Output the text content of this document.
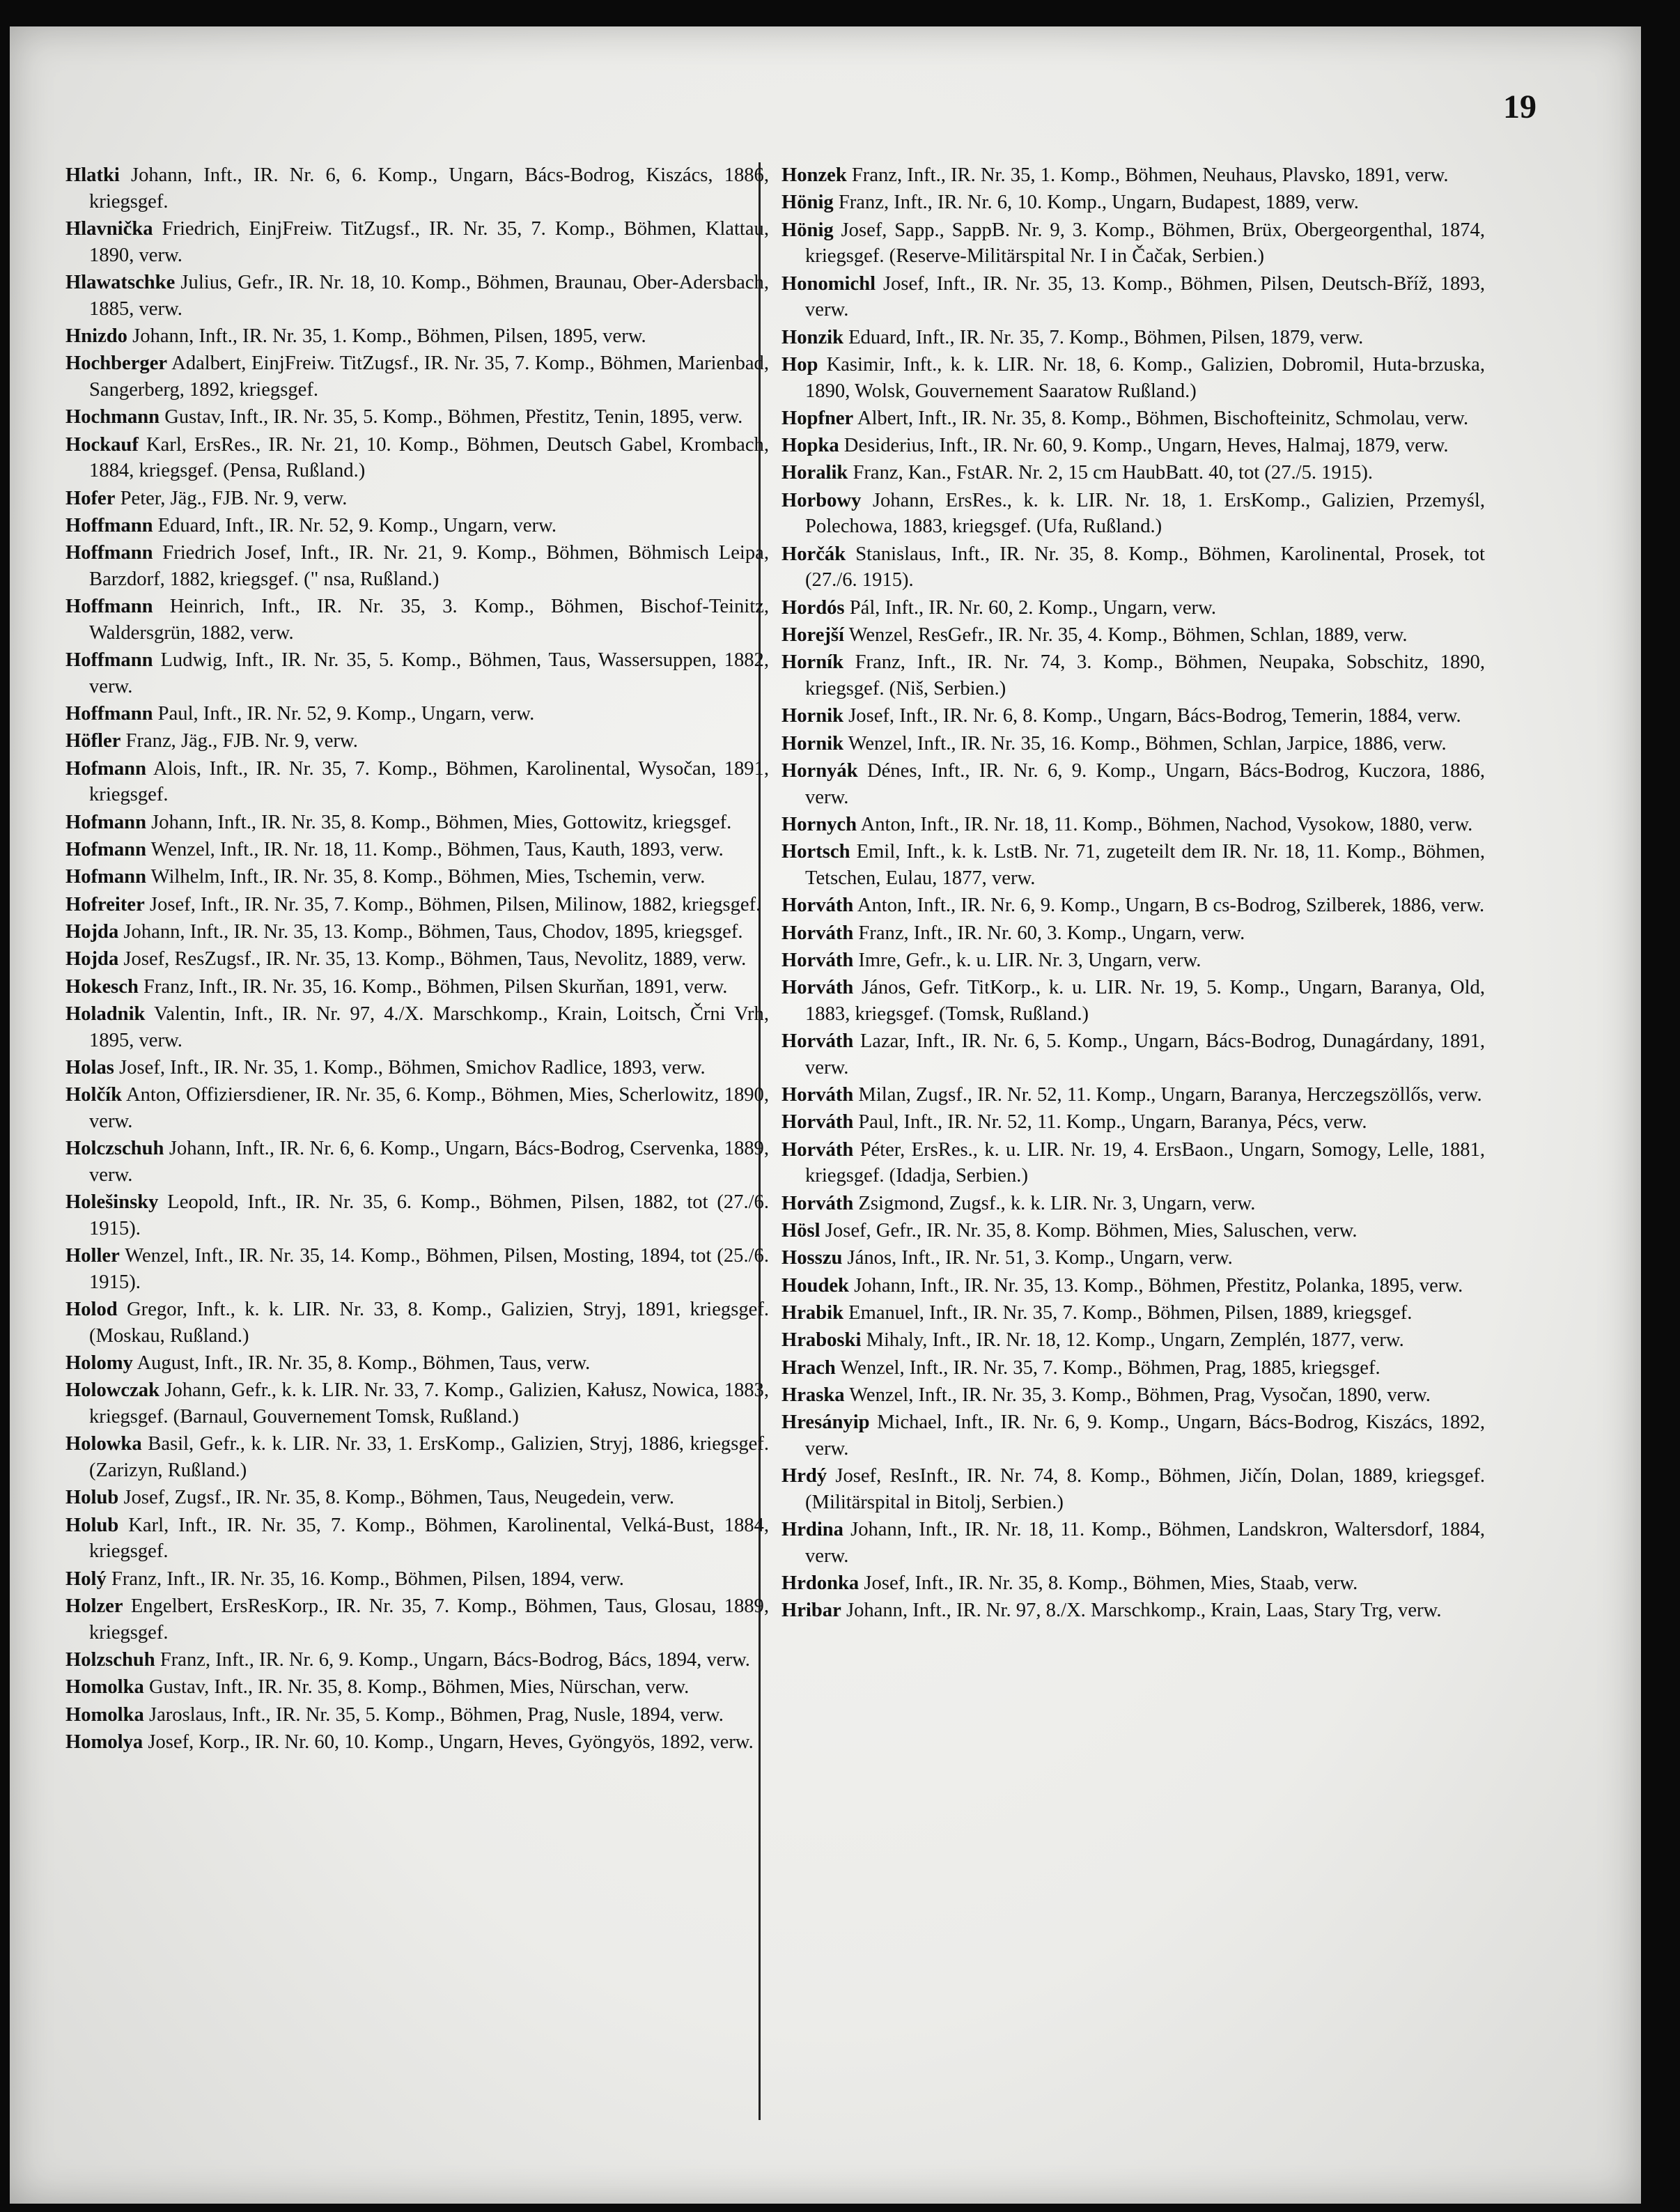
19

Hlatki Johann, Inft., IR. Nr. 6, 6. Komp., Ungarn, Bács-Bodrog, Kiszács, 1886, kriegsgef.

Hlavnička Friedrich, EinjFreiw. TitZugsf., IR. Nr. 35, 7. Komp., Böhmen, Klattau, 1890, verw.

Hlawatschke Julius, Gefr., IR. Nr. 18, 10. Komp., Böhmen, Braunau, Ober-Adersbach, 1885, verw.

Hnizdo Johann, Inft., IR. Nr. 35, 1. Komp., Böhmen, Pilsen, 1895, verw.

Hochberger Adalbert, EinjFreiw. TitZugsf., IR. Nr. 35, 7. Komp., Böhmen, Marienbad, Sangerberg, 1892, kriegsgef.

Hochmann Gustav, Inft., IR. Nr. 35, 5. Komp., Böhmen, Přestitz, Tenin, 1895, verw.

Hockauf Karl, ErsRes., IR. Nr. 21, 10. Komp., Böhmen, Deutsch Gabel, Krombach, 1884, kriegsgef. (Pensa, Rußland.)

Hofer Peter, Jäg., FJB. Nr. 9, verw.

Hoffmann Eduard, Inft., IR. Nr. 52, 9. Komp., Ungarn, verw.

Hoffmann Friedrich Josef, Inft., IR. Nr. 21, 9. Komp., Böhmen, Böhmisch Leipa, Barzdorf, 1882, kriegsgef. (" nsa, Rußland.)

Hoffmann Heinrich, Inft., IR. Nr. 35, 3. Komp., Böhmen, Bischof-Teinitz, Waldersgrün, 1882, verw.

Hoffmann Ludwig, Inft., IR. Nr. 35, 5. Komp., Böhmen, Taus, Wassersuppen, 1882, verw.

Hoffmann Paul, Inft., IR. Nr. 52, 9. Komp., Ungarn, verw.

Höfler Franz, Jäg., FJB. Nr. 9, verw.

Hofmann Alois, Inft., IR. Nr. 35, 7. Komp., Böhmen, Karolinental, Wysočan, 1891, kriegsgef.

Hofmann Johann, Inft., IR. Nr. 35, 8. Komp., Böhmen, Mies, Gottowitz, kriegsgef.

Hofmann Wenzel, Inft., IR. Nr. 18, 11. Komp., Böhmen, Taus, Kauth, 1893, verw.

Hofmann Wilhelm, Inft., IR. Nr. 35, 8. Komp., Böhmen, Mies, Tschemin, verw.

Hofreiter Josef, Inft., IR. Nr. 35, 7. Komp., Böhmen, Pilsen, Milinow, 1882, kriegsgef.

Hojda Johann, Inft., IR. Nr. 35, 13. Komp., Böhmen, Taus, Chodov, 1895, kriegsgef.

Hojda Josef, ResZugsf., IR. Nr. 35, 13. Komp., Böhmen, Taus, Nevolitz, 1889, verw.

Hokesch Franz, Inft., IR. Nr. 35, 16. Komp., Böhmen, Pilsen Skurňan, 1891, verw.

Holadnik Valentin, Inft., IR. Nr. 97, 4./X. Marschkomp., Krain, Loitsch, Črni Vrh, 1895, verw.

Holas Josef, Inft., IR. Nr. 35, 1. Komp., Böhmen, Smichov Radlice, 1893, verw.

Holčík Anton, Offiziersdiener, IR. Nr. 35, 6. Komp., Böhmen, Mies, Scherlowitz, 1890, verw.

Holczschuh Johann, Inft., IR. Nr. 6, 6. Komp., Ungarn, Bács-Bodrog, Cservenka, 1889, verw.

Holešinsky Leopold, Inft., IR. Nr. 35, 6. Komp., Böhmen, Pilsen, 1882, tot (27./6. 1915).

Holler Wenzel, Inft., IR. Nr. 35, 14. Komp., Böhmen, Pilsen, Mosting, 1894, tot (25./6. 1915).

Holod Gregor, Inft., k. k. LIR. Nr. 33, 8. Komp., Galizien, Stryj, 1891, kriegsgef. (Moskau, Rußland.)

Holomy August, Inft., IR. Nr. 35, 8. Komp., Böhmen, Taus, verw.

Holowczak Johann, Gefr., k. k. LIR. Nr. 33, 7. Komp., Galizien, Kałusz, Nowica, 1883, kriegsgef. (Barnaul, Gouvernement Tomsk, Rußland.)

Holowka Basil, Gefr., k. k. LIR. Nr. 33, 1. ErsKomp., Galizien, Stryj, 1886, kriegsgef. (Zarizyn, Rußland.)

Holub Josef, Zugsf., IR. Nr. 35, 8. Komp., Böhmen, Taus, Neugedein, verw.

Holub Karl, Inft., IR. Nr. 35, 7. Komp., Böhmen, Karolinental, Velká-Bust, 1884, kriegsgef.

Holý Franz, Inft., IR. Nr. 35, 16. Komp., Böhmen, Pilsen, 1894, verw.

Holzer Engelbert, ErsResKorp., IR. Nr. 35, 7. Komp., Böhmen, Taus, Glosau, 1889, kriegsgef.

Holzschuh Franz, Inft., IR. Nr. 6, 9. Komp., Ungarn, Bács-Bodrog, Bács, 1894, verw.

Homolka Gustav, Inft., IR. Nr. 35, 8. Komp., Böhmen, Mies, Nürschan, verw.

Homolka Jaroslaus, Inft., IR. Nr. 35, 5. Komp., Böhmen, Prag, Nusle, 1894, verw.

Homolya Josef, Korp., IR. Nr. 60, 10. Komp., Ungarn, Heves, Gyöngyös, 1892, verw.

Honzek Franz, Inft., IR. Nr. 35, 1. Komp., Böhmen, Neuhaus, Plavsko, 1891, verw.

Hönig Franz, Inft., IR. Nr. 6, 10. Komp., Ungarn, Budapest, 1889, verw.

Hönig Josef, Sapp., SappB. Nr. 9, 3. Komp., Böhmen, Brüx, Obergeorgenthal, 1874, kriegsgef. (Reserve-Militärspital Nr. I in Čačak, Serbien.)

Honomichl Josef, Inft., IR. Nr. 35, 13. Komp., Böhmen, Pilsen, Deutsch-Bříž, 1893, verw.

Honzik Eduard, Inft., IR. Nr. 35, 7. Komp., Böhmen, Pilsen, 1879, verw.

Hop Kasimir, Inft., k. k. LIR. Nr. 18, 6. Komp., Galizien, Dobromil, Huta-brzuska, 1890, Wolsk, Gouvernement Saaratow Rußland.)

Hopfner Albert, Inft., IR. Nr. 35, 8. Komp., Böhmen, Bischofteinitz, Schmolau, verw.

Hopka Desiderius, Inft., IR. Nr. 60, 9. Komp., Ungarn, Heves, Halmaj, 1879, verw.

Horalik Franz, Kan., FstAR. Nr. 2, 15 cm HaubBatt. 40, tot (27./5. 1915).

Horbowy Johann, ErsRes., k. k. LIR. Nr. 18, 1. ErsKomp., Galizien, Przemyśl, Polechowa, 1883, kriegsgef. (Ufa, Rußland.)

Horčák Stanislaus, Inft., IR. Nr. 35, 8. Komp., Böhmen, Karolinental, Prosek, tot (27./6. 1915).

Hordós Pál, Inft., IR. Nr. 60, 2. Komp., Ungarn, verw.

Horejší Wenzel, ResGefr., IR. Nr. 35, 4. Komp., Böhmen, Schlan, 1889, verw.

Horník Franz, Inft., IR. Nr. 74, 3. Komp., Böhmen, Neupaka, Sobschitz, 1890, kriegsgef. (Niš, Serbien.)

Hornik Josef, Inft., IR. Nr. 6, 8. Komp., Ungarn, Bács-Bodrog, Temerin, 1884, verw.

Hornik Wenzel, Inft., IR. Nr. 35, 16. Komp., Böhmen, Schlan, Jarpice, 1886, verw.

Hornyák Dénes, Inft., IR. Nr. 6, 9. Komp., Ungarn, Bács-Bodrog, Kuczora, 1886, verw.

Hornych Anton, Inft., IR. Nr. 18, 11. Komp., Böhmen, Nachod, Vysokow, 1880, verw.

Hortsch Emil, Inft., k. k. LstB. Nr. 71, zugeteilt dem IR. Nr. 18, 11. Komp., Böhmen, Tetschen, Eulau, 1877, verw.

Horváth Anton, Inft., IR. Nr. 6, 9. Komp., Ungarn, B cs-Bodrog, Szilberek, 1886, verw.

Horváth Franz, Inft., IR. Nr. 60, 3. Komp., Ungarn, verw.

Horváth Imre, Gefr., k. u. LIR. Nr. 3, Ungarn, verw.

Horváth János, Gefr. TitKorp., k. u. LIR. Nr. 19, 5. Komp., Ungarn, Baranya, Old, 1883, kriegsgef. (Tomsk, Rußland.)

Horváth Lazar, Inft., IR. Nr. 6, 5. Komp., Ungarn, Bács-Bodrog, Dunagárdany, 1891, verw.

Horváth Milan, Zugsf., IR. Nr. 52, 11. Komp., Ungarn, Baranya, Herczegszöllős, verw.

Horváth Paul, Inft., IR. Nr. 52, 11. Komp., Ungarn, Baranya, Pécs, verw.

Horváth Péter, ErsRes., k. u. LIR. Nr. 19, 4. ErsBaon., Ungarn, Somogy, Lelle, 1881, kriegsgef. (Idadja, Serbien.)

Horváth Zsigmond, Zugsf., k. k. LIR. Nr. 3, Ungarn, verw.

Hösl Josef, Gefr., IR. Nr. 35, 8. Komp. Böhmen, Mies, Saluschen, verw.

Hosszu János, Inft., IR. Nr. 51, 3. Komp., Ungarn, verw.

Houdek Johann, Inft., IR. Nr. 35, 13. Komp., Böhmen, Přestitz, Polanka, 1895, verw.

Hrabik Emanuel, Inft., IR. Nr. 35, 7. Komp., Böhmen, Pilsen, 1889, kriegsgef.

Hraboski Mihaly, Inft., IR. Nr. 18, 12. Komp., Ungarn, Zemplén, 1877, verw.

Hrach Wenzel, Inft., IR. Nr. 35, 7. Komp., Böhmen, Prag, 1885, kriegsgef.

Hraska Wenzel, Inft., IR. Nr. 35, 3. Komp., Böhmen, Prag, Vysočan, 1890, verw.

Hresányip Michael, Inft., IR. Nr. 6, 9. Komp., Ungarn, Bács-Bodrog, Kiszács, 1892, verw.

Hrdý Josef, ResInft., IR. Nr. 74, 8. Komp., Böhmen, Jičín, Dolan, 1889, kriegsgef. (Militärspital in Bitolj, Serbien.)

Hrdina Johann, Inft., IR. Nr. 18, 11. Komp., Böhmen, Landskron, Waltersdorf, 1884, verw.

Hrdonka Josef, Inft., IR. Nr. 35, 8. Komp., Böhmen, Mies, Staab, verw.

Hribar Johann, Inft., IR. Nr. 97, 8./X. Marschkomp., Krain, Laas, Stary Trg, verw.
